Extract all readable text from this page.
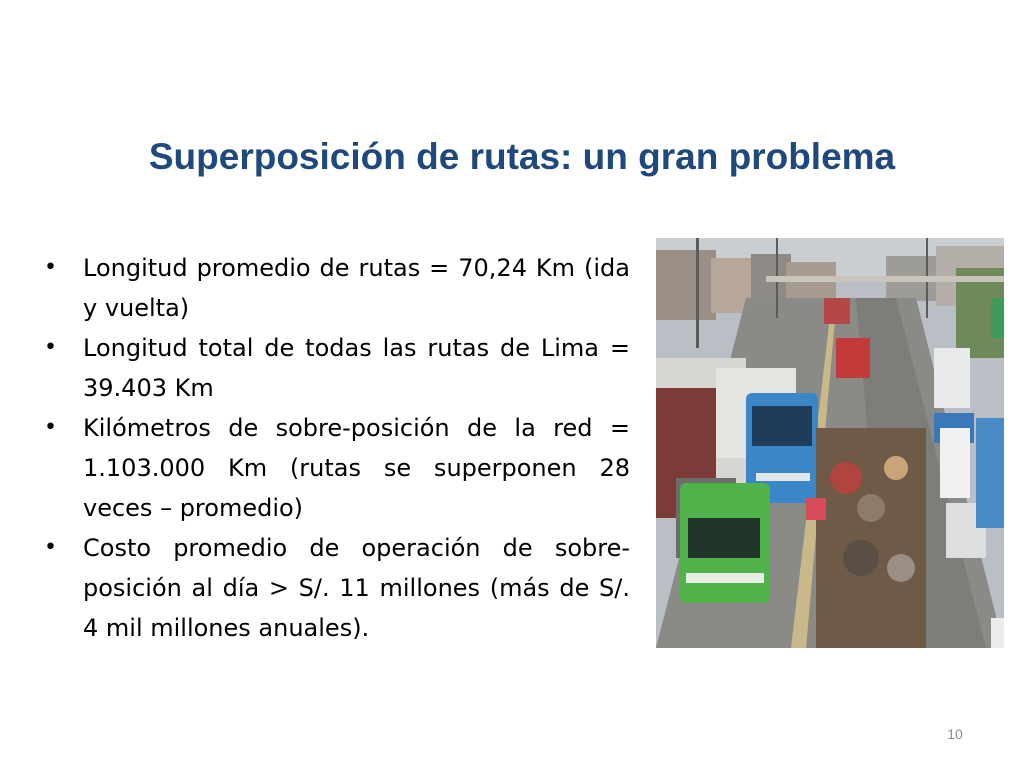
Superposición de rutas: un gran problema
•	Longitud promedio de rutas = 70,24 Km (ida y vuelta)
•	Longitud total de todas las rutas de Lima = 39.403 Km
•	Kilómetros de sobre-posición de la red = 1.103.000 Km (rutas se superponen 28 veces – promedio)
•	Costo promedio de operación de sobre-posición al día > S/. 11 millones (más de S/. 4 mil millones anuales).
10
